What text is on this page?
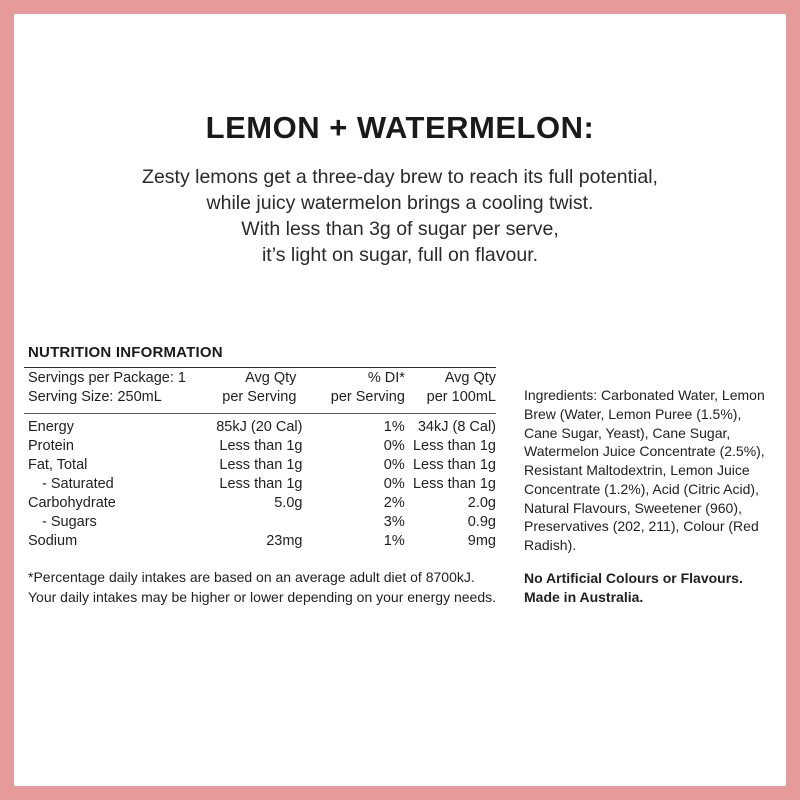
LEMON + WATERMELON:
Zesty lemons get a three-day brew to reach its full potential,
while juicy watermelon brings a cooling twist.
With less than 3g of sugar per serve,
it’s light on sugar, full on flavour.
NUTRITION INFORMATION
Servings per Package: 1	Avg Qty	% DI*	Avg Qty
Serving Size: 250mL	per Serving	per Serving	per 100mL
Energy	85kJ (20 Cal)	1%	34kJ (8 Cal)
Protein	Less than 1g	0%	Less than 1g
Fat, Total	Less than 1g	0%	Less than 1g
- Saturated	Less than 1g	0%	Less than 1g
Carbohydrate	5.0g	2%	2.0g
- Sugars		3%	0.9g
Sodium	23mg	1%	9mg
*Percentage daily intakes are based on an average adult diet of 8700kJ.
Your daily intakes may be higher or lower depending on your energy needs.
Ingredients: Carbonated Water, Lemon Brew (Water, Lemon Puree (1.5%), Cane Sugar, Yeast), Cane Sugar, Watermelon Juice Concentrate (2.5%), Resistant Maltodextrin, Lemon Juice Concentrate (1.2%), Acid (Citric Acid), Natural Flavours, Sweetener (960), Preservatives (202, 211), Colour (Red Radish).
No Artificial Colours or Flavours.
Made in Australia.
